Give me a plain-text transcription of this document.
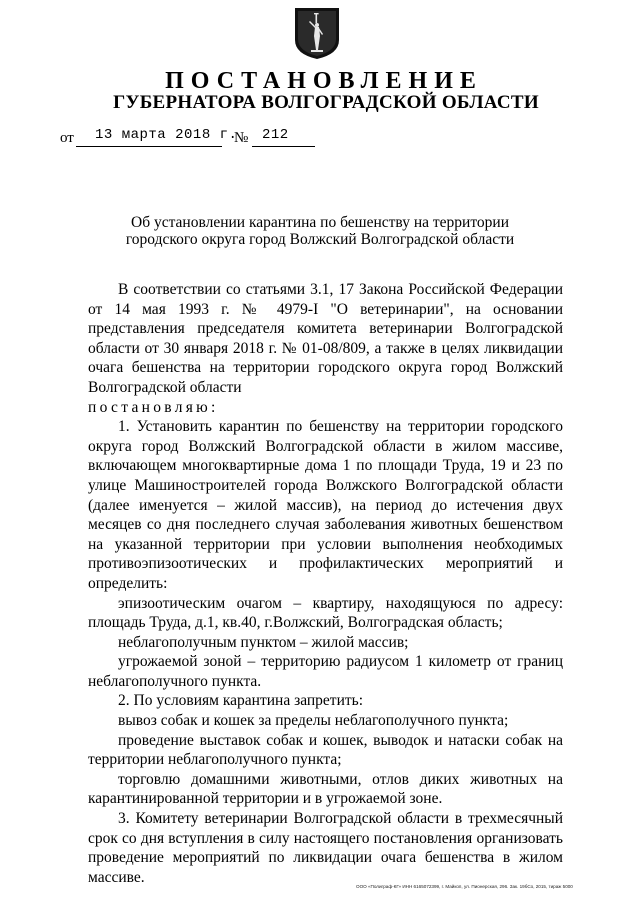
ПОСТАНОВЛЕНИЕ
ГУБЕРНАТОРА ВОЛГОГРАДСКОЙ ОБЛАСТИ
от 13 марта 2018 г.
№ 212
Об установлении карантина по бешенству на территории
городского округа город Волжский Волгоградской области

В соответствии со статьями 3.1, 17 Закона Российской Федерации от 14 мая 1993 г. № 4979-I "О ветеринарии", на основании представления председателя комитета ветеринарии Волгоградской области от 30 января 2018 г. № 01-08/809, а также в целях ликвидации очага бешенства на территории городского округа город Волжский Волгоградской области

постановляю:

1. Установить карантин по бешенству на территории городского округа город Волжский Волгоградской области в жилом массиве, включающем многоквартирные дома 1 по площади Труда, 19 и 23 по улице Машиностроителей города Волжского Волгоградской области (далее именуется – жилой массив), на период до истечения двух месяцев со дня последнего случая заболевания животных бешенством на указанной территории при условии выполнения необходимых противоэпизоотических и профилактических мероприятий и определить:

эпизоотическим очагом – квартиру, находящуюся по адресу: площадь Труда, д.1, кв.40, г.Волжский, Волгоградская область;

неблагополучным пунктом – жилой массив;

угрожаемой зоной – территорию радиусом 1 километр от границ неблагополучного пункта.

2. По условиям карантина запретить:

вывоз собак и кошек за пределы неблагополучного пункта;

проведение выставок собак и кошек, выводок и натаски собак на территории неблагополучного пункта;

торговлю домашними животными, отлов диких животных на карантинированной территории и в угрожаемой зоне.

3. Комитету ветеринарии Волгоградской области в трехмесячный срок со дня вступления в силу настоящего постановления организовать проведение мероприятий по ликвидации очага бешенства в жилом массиве.

ООО «Полиграф-КГ» ИНН 6165072399, г. Майкоп, ул. Пионерская, 296. Зак. 19бСо, 2015, тираж 5000
